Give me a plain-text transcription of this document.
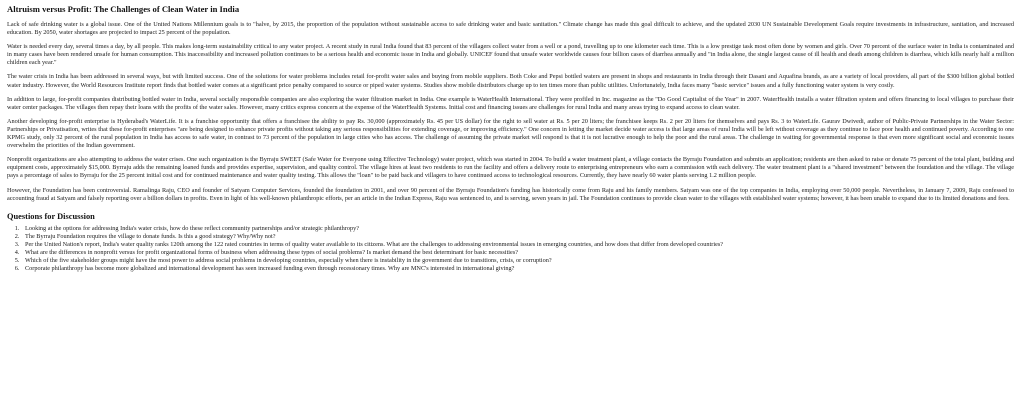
Altruism versus Profit: The Challenges of Clean Water in India

Lack of safe drinking water is a global issue. One of the United Nations Millennium goals is to "halve, by 2015, the proportion of the population without sustainable access to safe drinking water and basic sanitation." Climate change has made this goal difficult to achieve, and the updated 2030 UN Sustainable Development Goals require investments in infrastructure, sanitation, and increased education. By 2050, water shortages are projected to impact 25 percent of the population.

Water is needed every day, several times a day, by all people. This makes long-term sustainability critical to any water project. A recent study in rural India found that 83 percent of the villagers collect water from a well or a pond, travelling up to one kilometer each time. This is a low prestige task most often done by women and girls. Over 70 percent of the surface water in India is contaminated and in many cases have been rendered unsafe for human consumption. This inaccessibility and increased pollution continues to be a serious health and economic issue in India and globally. UNICEF found that unsafe water worldwide causes four billion cases of diarrhea annually and "in India alone, the single largest cause of ill health and death among children is diarrhea, which kills nearly half a million children each year."

The water crisis in India has been addressed in several ways, but with limited success. One of the solutions for water problems includes retail for-profit water sales and buying from mobile suppliers. Both Coke and Pepsi bottled waters are present in shops and restaurants in India through their Dasani and Aquafina brands, as are a variety of local providers, all part of the $300 billion global bottled water industry. However, the World Resources Institute report finds that bottled water comes at a significant price penalty compared to source or piped water systems. Studies show mobile distributors charge up to ten times more than public utilities. Unfortunately, India faces many "basic service" issues and a fully functioning water system is very costly.

In addition to large, for-profit companies distributing bottled water in India, several socially responsible companies are also exploring the water filtration market in India. One example is WaterHealth International. They were profiled in Inc. magazine as the "Do Good Capitalist of the Year" in 2007. WaterHealth installs a water filtration system and offers financing to local villages to purchase their water center packages. The villages then repay their loans with the profits of the water sales. However, many critics express concern at the expense of the WaterHealth Systems. Initial cost and financing issues are challenges for rural India and many areas trying to expand access to clean water.

Another developing for-profit enterprise is Hyderabad's WaterLife. It is a franchise opportunity that offers a franchisee the ability to pay Rs. 30,000 (approximately Rs. 45 per US dollar) for the right to sell water at Rs. 5 per 20 liters; the franchisee keeps Rs. 2 per 20 liters for themselves and pays Rs. 3 to WaterLife. Gaurav Dwivedi, author of Public-Private Partnerships in the Water Sector: Partnerships or Privatisation, writes that these for-profit enterprises "are being designed to enhance private profits without taking any serious responsibilities for extending coverage, or improving efficiency." One concern in letting the market decide water access is that large areas of rural India will be left without coverage as they continue to face poor health and continued poverty. According to one KPMG study, only 32 percent of the rural population in India has access to safe water, in contrast to 73 percent of the population in large cities who has access. The challenge of assuming the private market will respond is that it is not lucrative enough to help the poor and the rural areas. The challenge in waiting for governmental response is that even more significant social and economic issues overwhelm the priorities of the Indian government.

Nonprofit organizations are also attempting to address the water crises. One such organization is the Byrraju SWEET (Safe Water for Everyone using Effective Technology) water project, which was started in 2004. To build a water treatment plant, a village contacts the Byrraju Foundation and submits an application; residents are then asked to raise or donate 75 percent of the total plant, building and equipment costs, approximately $15,000. Byrraju adds the remaining loaned funds and provides expertise, supervision, and quality control. The village hires at least two residents to run the facility and offers a delivery route to enterprising entrepreneurs who earn a commission with each delivery. The water treatment plant is a "shared investment" between the foundation and the village. The village pays a percentage of sales to Byrraju for the 25 percent initial cost and for continued maintenance and water quality testing. This allows the "loan" to be paid back and villagers to have continued access to technological resources. Currently, they have nearly 60 water plants serving 1.2 million people.

However, the Foundation has been controversial. Ramalinga Raju, CEO and founder of Satyam Computer Services, founded the foundation in 2001, and over 90 percent of the Byrraju Foundation's funding has historically come from Raju and his family members. Satyam was one of the top companies in India, employing over 50,000 people. Nevertheless, in January 7, 2009, Raju confessed to accounting fraud at Satyam and falsely reporting over a billion dollars in profits. Even in light of his well-known philanthropic efforts, per an article in the Indian Express, Raju was sentenced to, and is serving, seven years in jail. The Foundation continues to provide clean water to the villages with established water systems; however, it has been unable to expand due to its limited donations and fees.

Questions for Discussion
1. Looking at the options for addressing India's water crisis, how do these reflect community partnerships and/or strategic philanthropy?
2. The Byrraju Foundation requires the village to donate funds. Is this a good strategy? Why/Why not?
3. Per the United Nation's report, India's water quality ranks 120th among the 122 rated countries in terms of quality water available to its citizens. What are the challenges to addressing environmental issues in emerging countries, and how does that differ from developed countries?
4. What are the differences in nonprofit versus for profit organizational forms of business when addressing these types of social problems? Is market demand the best determinant for basic necessities?
5. Which of the five stakeholder groups might have the most power to address social problems in developing countries, especially when there is instability in the government due to transitions, crisis, or corruption?
6. Corporate philanthropy has become more globalized and international development has seen increased funding even through recessionary times. Why are MNC's interested in international giving?
